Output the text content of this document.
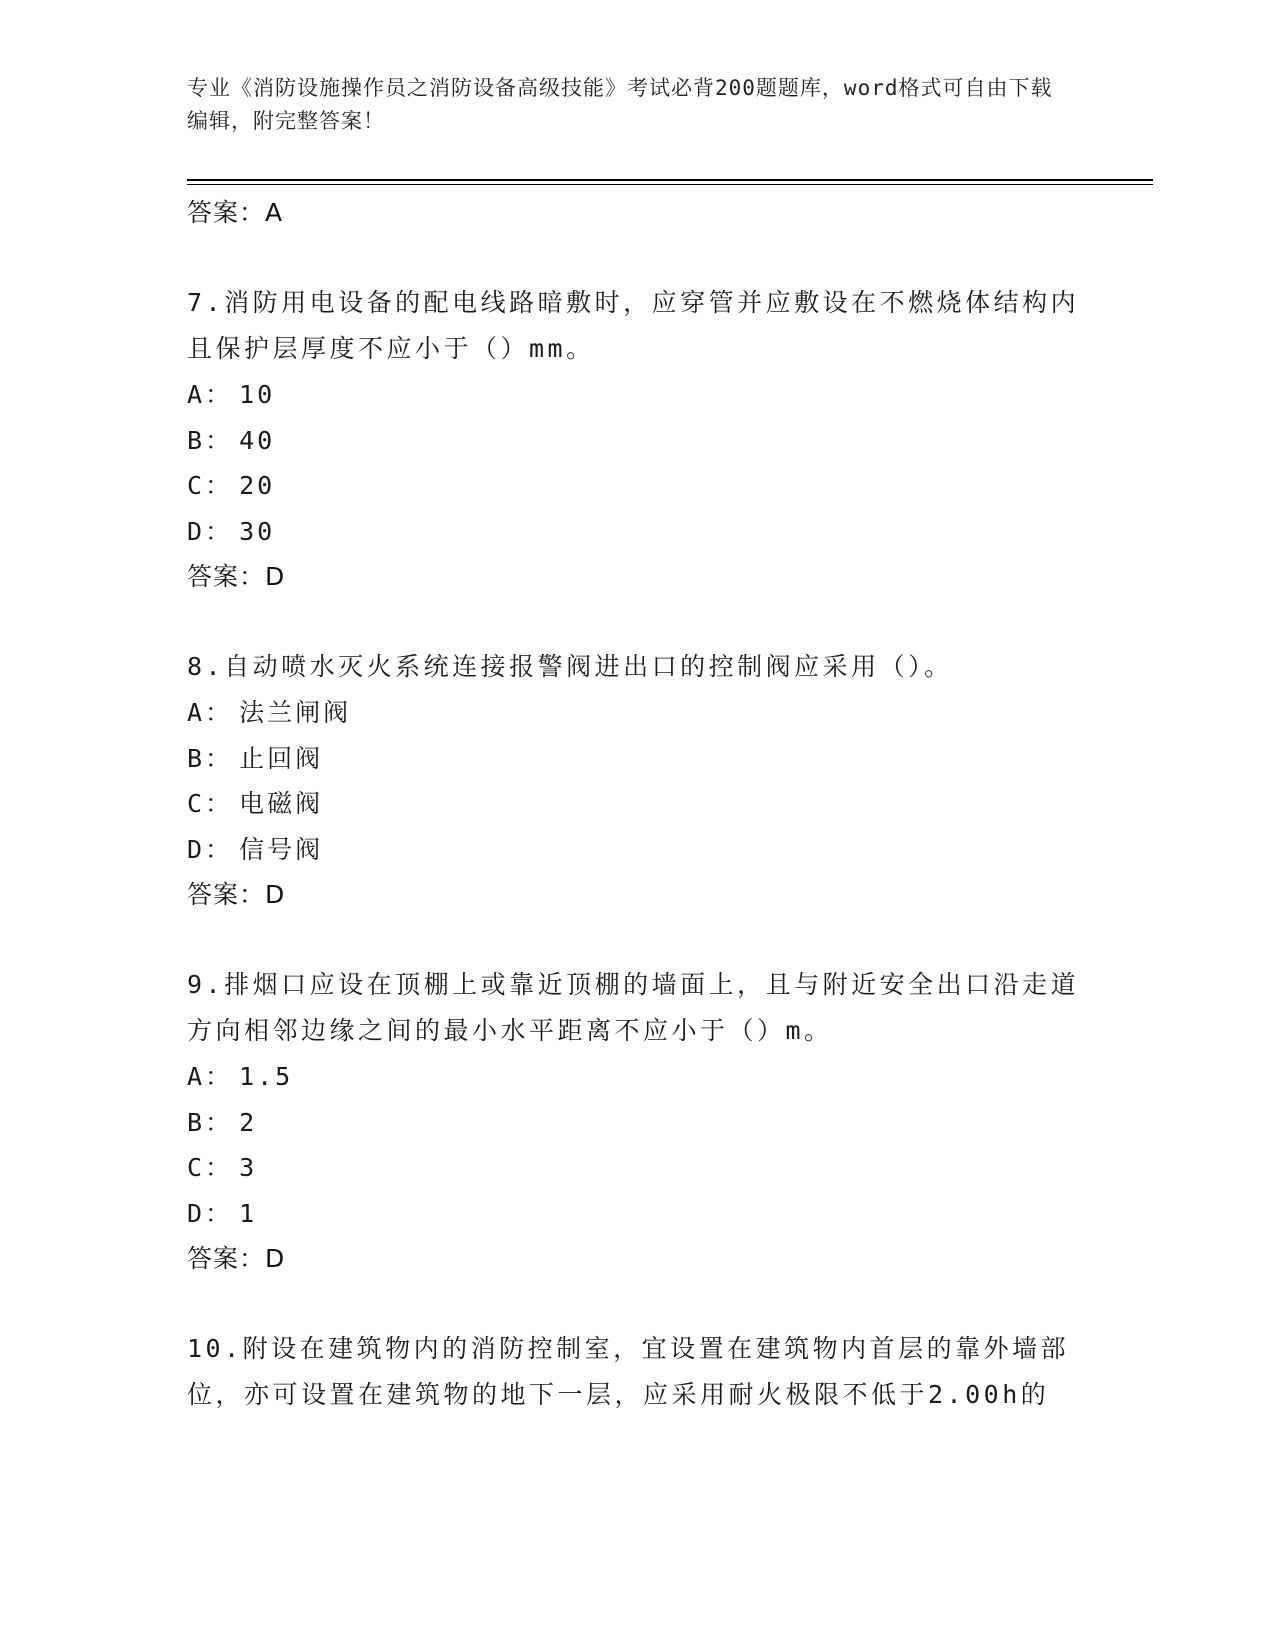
专业《消防设施操作员之消防设备高级技能》考试必背200题题库，word格式可自由下载编辑，附完整答案！
答案：A
7.消防用电设备的配电线路暗敷时，应穿管并应敷设在不燃烧体结构内且保护层厚度不应小于（）mm。
A： 10
B： 40
C： 20
D： 30
答案：D
8.自动喷水灭火系统连接报警阀进出口的控制阀应采用（）。
A： 法兰闸阀
B： 止回阀
C： 电磁阀
D： 信号阀
答案：D
9.排烟口应设在顶棚上或靠近顶棚的墙面上，且与附近安全出口沿走道方向相邻边缘之间的最小水平距离不应小于（）m。
A： 1.5
B： 2
C： 3
D： 1
答案：D
10.附设在建筑物内的消防控制室，宜设置在建筑物内首层的靠外墙部位，亦可设置在建筑物的地下一层，应采用耐火极限不低于2.00h的
